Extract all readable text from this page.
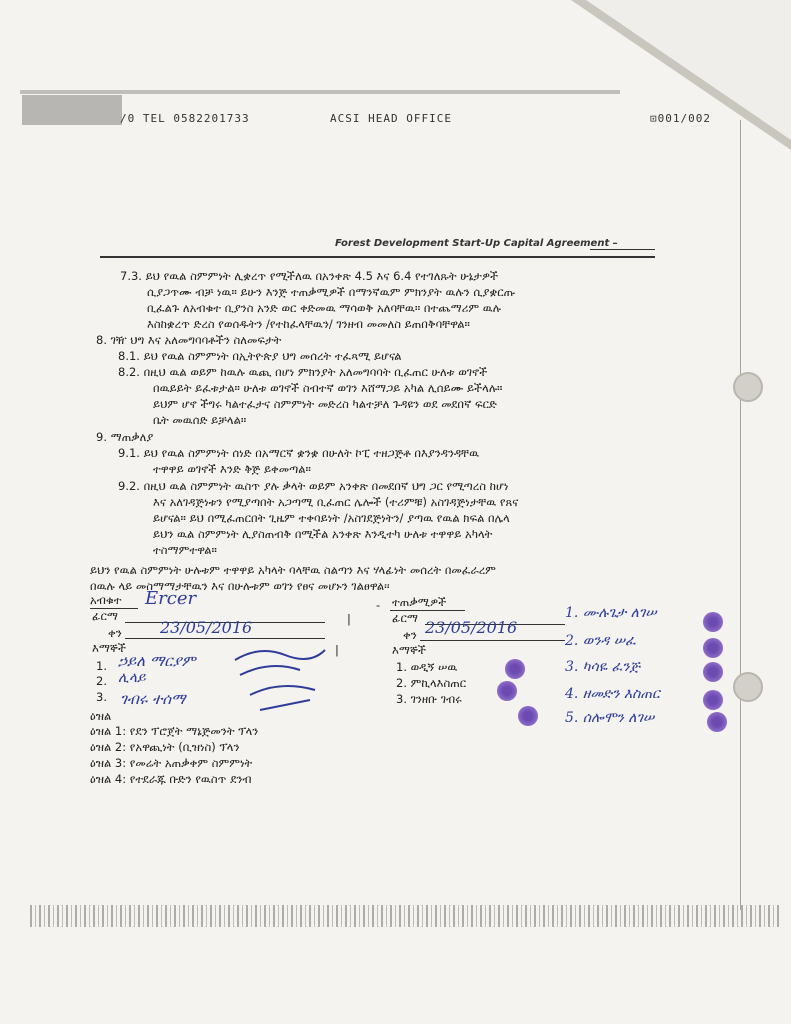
/0 TEL 0582201733	ACSI HEAD OFFICE	⊡001/002
Forest Development Start-Up Capital Agreement –
7.3. ይህ የዉል ስምምነት ሊቋረጥ የሚችለዉ በአንቀጽ 4.5 እና 6.4 የተገለጹት ሁኔታዎች
ሲያጋጥሙ ብቻ ነዉ። ይሁን እንጅ ተጠቃሚዎች በማንኛዉም ምክንያት ዉሉን ሲያቋርጡ
ቢፈልጉ ለአብቁተ ቢያንስ አንድ ወር ቀድመዉ ማሳወቅ አለባቸዉ። በተጨማሪም ዉሉ
እስከቋረጥ ድረስ የወሰዱትን /የተከፈላቸዉን/ ገንዘብ መመለስ ይጠበቅባቸዋል።
8. ገዥ ህግ እና አለመግባባቶችን ስለመፍታት
8.1. ይህ የዉል ስምምነት በኢትዮጵያ ህግ መሰረት ተፈጻሚ ይሆናል
8.2. በዚህ ዉል ወይም ከዉሉ ዉጪ በሆነ ምክንያት አለመግባባት ቢፈጠር ሁለቱ ወገኖች
በዉይይት ይፈቱታል። ሁለቱ ወገኖች ስብተኛ ወገን እሸማጋይ አካል ሊሰይሙ ይችላሉ።
ይህም ሆኖ ችግሩ ካልተፈታና ስምምነት መድረስ ካልተቻለ ጉዳዩን ወደ መደበኛ ፍርድ
ቤት መዉሰድ ይቻላል።
9. ማጠቃለያ
9.1. ይህ የዉል ስምምነት ሰነድ በአማርኛ ቋንቋ በሁለት ኮፒ ተዘጋጅቶ በእያንዳንዳቸዉ
ተዋዋይ ወገኖች እንድ ቅጅ ይቀመጣል።
9.2. በዚህ ዉል ስምምነት ዉስጥ ያሉ ቃላት ወይም አንቀጽ በመደበኛ ህግ ጋር የሚጣረስ ከሆነ
እና አለገዳጅነቱን የሚያጣበት አጋጣሚ ቢፈጠር ሌሎች (ተሪምቹ) አስገዳጅነታቸዉ የጸና
ይሆናል። ይህ በሚፈጠርበት ጊዜም ተቀባይነት /አስገደጅነትን/ ያጣዉ የዉል ክፍል በሌላ
ይህን ዉል ስምምነት ሊያስጠብቅ በሚችል አንቀጽ እንዲተካ ሁለቱ ተዋዋይ አካላት
ተስማምተዋል።
ይህን የዉል ስምምነት ሁሉቱም ተዋዋይ አካላት ባላቸዉ ስልጣን እና ሃላፊነት መሰረት በመፈራረም
በዉሉ ላይ መስማማታቸዉን እና በሁሉቱም ወገን የፀና መሆኑን ገልፀዋል፡፡
አብቁተ
ፊርማ
ቀን
እማኞች
1.
2.
3.
ዕዝል
ዕዝል 1: የደን ፕሮጀት ማኔጅመንት ፕላን
ዕዝል 2: የአዋጪነት (ቢዝነስ) ፕላን
ዕዝል 3: የመሬት አጠቃቀም ስምምነት
ዕዝል 4: የተደራጁ ቡድን የዉስጥ ደንብ
- ተጠቃሚዎች
ፊርማ
ቀን
እማኞች
1. ወዲኝ ሠዉ
2. ምኪላእስጠር
3. ገንዘቡ ገብሩ
|
|
Ercer
23/05/2016
ኃይለ ማርያም
ሊላይ
ገብሩ ተሰማ
23/05/2016
1. ሙሉጌታ ለገሠ
2. ወንዳ ሠፈ
3. ካሳዬ ፈንጅ
4. ዘመድን እስጠር
5. ሰሎሞን ለገሠ
